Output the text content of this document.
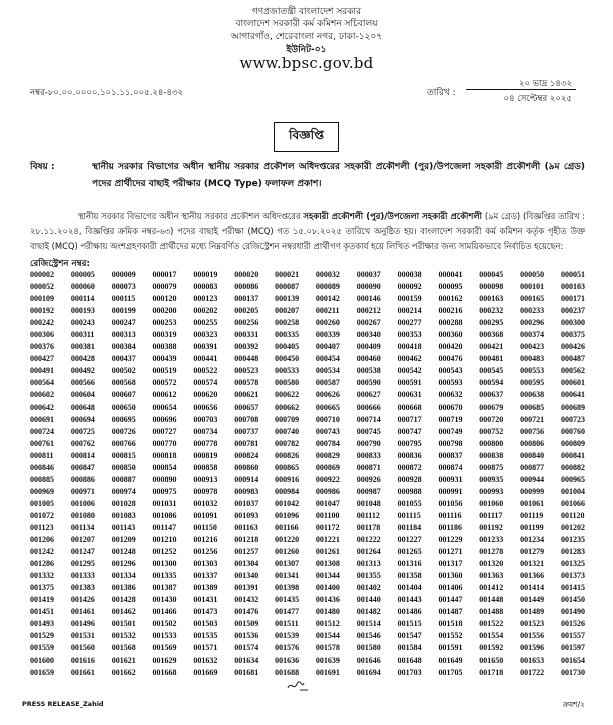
গণপ্রজাতন্ত্রী বাংলাদেশ সরকার
বাংলাদেশ সরকারী কর্ম কমিশন সচিবালয়
আগারগাঁও, শেরেবাংলা নগর, ঢাকা-১২০৭
ইউনিট-০১
www.bpsc.gov.bd
নম্বর-৮০.০০.০০০০.১০১.১১.০০৫.২৪-৪৩২	তারিখ :
২০ ভাদ্র ১৪৩২
০৪ সেপ্টেম্বর ২০২৫
বিজ্ঞপ্তি
বিষয় :	স্থানীয় সরকার বিভাগের অধীন স্থানীয় সরকার প্রকৌশল অধিদপ্তরের সহকারী প্রকৌশলী (পুর)/উপজেলা সহকারী প্রকৌশলী (৯ম গ্রেড) পদের প্রার্থীদের বাছাই পরীক্ষার (MCQ Type) ফলাফল প্রকাশ।
স্থানীয় সরকার বিভাগের অধীন স্থানীয় সরকার প্রকৌশল অধিদপ্তরের সহকারী প্রকৌশলী (পুর)/উপজেলা সহকারী প্রকৌশলী (৯ম গ্রেড) (বিজ্ঞপ্তির তারিখ : ২৮.১১.২০২৪, বিজ্ঞপ্তির ক্রমিক নম্বর-৬৩) পদের বাছাই পরীক্ষা (MCQ) গত ১৫.০৮.২০২৫ তারিখে অনুষ্ঠিত হয়। বাংলাদেশ সরকারী কর্ম কমিশন কর্তৃক গৃহীত উক্ত বাছাই (MCQ) পরীক্ষায় অংশগ্রহণকারী প্রার্থীদের মধ্যে নিম্নবর্ণিত রেজিস্ট্রেশন নম্বরধারী প্রার্থীগণ কৃতকার্য হয়ে লিখিত পরীক্ষার জন্য সাময়িকভাবে নির্বাচিত হয়েছেন:
রেজিস্ট্রেশন নম্বর:
000002	000005	000009	000017	000019	000020	000021	000032	000037	000038	000041	000045	000050	000051
000052	000060	000073	000079	000083	000086	000087	000089	000090	000092	000095	000098	000101	000103
000109	000114	000115	000120	000123	000137	000139	000142	000146	000159	000162	000163	000165	000171
000192	000193	000199	000200	000202	000205	000207	000211	000212	000214	000216	000232	000233	000237
000242	000243	000247	000253	000255	000256	000258	000260	000267	000277	000288	000295	000296	000300
000306	000311	000313	000319	000323	000331	000335	000339	000340	000353	000360	000368	000374	000375
000376	000381	000384	000388	000391	000392	000405	000407	000409	000418	000420	000421	000423	000426
000427	000428	000437	000439	000441	000448	000450	000454	000460	000462	000476	000481	000483	000487
000491	000492	000502	000519	000522	000523	000533	000534	000538	000542	000543	000545	000553	000562
000564	000566	000568	000572	000574	000578	000580	000587	000590	000591	000593	000594	000595	000601
000602	000604	000607	000612	000620	000621	000622	000626	000627	000631	000632	000637	000638	000641
000642	000648	000650	000654	000656	000657	000662	000665	000666	000668	000670	000679	000685	000689
000691	000694	000695	000696	000703	000708	000709	000710	000714	000717	000719	000720	000721	000723
000724	000725	000726	000727	000734	000737	000740	000743	000745	000747	000749	000752	000756	000760
000761	000762	000766	000770	000778	000781	000782	000784	000790	000795	000798	000800	000806	000809
000811	000814	000815	000818	000819	000824	000826	000829	000833	000836	000837	000838	000840	000841
000846	000847	000850	000854	000858	000860	000865	000869	000871	000872	000874	000875	000877	000882
000885	000886	000887	000890	000913	000914	000916	000922	000926	000928	000931	000935	000944	000965
000969	000971	000974	000975	000978	000983	000984	000986	000987	000988	000991	000993	000999	001004
001005	001006	001028	001031	001032	001037	001042	001047	001048	001055	001056	001060	001061	001066
001072	001080	001083	001086	001091	001093	001096	001100	001112	001115	001116	001117	001119	001120
001123	001134	001143	001147	001150	001163	001166	001172	001178	001184	001186	001192	001199	001202
001206	001207	001209	001210	001216	001218	001220	001221	001222	001227	001229	001233	001234	001235
001242	001247	001248	001252	001256	001257	001260	001261	001264	001265	001271	001278	001279	001283
001286	001295	001296	001300	001303	001304	001307	001308	001313	001316	001317	001320	001321	001325
001332	001333	001334	001335	001337	001340	001341	001344	001355	001358	001360	001363	001366	001373
001375	001383	001386	001387	001389	001391	001398	001400	001402	001404	001406	001412	001414	001415
001419	001426	001428	001430	001431	001432	001435	001436	001440	001443	001447	001448	001449	001450
001451	001461	001462	001466	001473	001476	001477	001480	001482	001486	001487	001488	001489	001490
001493	001496	001501	001502	001503	001509	001511	001512	001514	001515	001518	001522	001523	001526
001529	001531	001532	001533	001535	001536	001539	001544	001546	001547	001552	001554	001556	001557
001559	001560	001568	001569	001571	001574	001576	001578	001580	001584	001591	001592	001596	001597
001600	001616	001621	001629	001632	001634	001636	001639	001646	001648	001649	001650	001653	001654
001659	001661	001662	001668	001669	001681	001688	001691	001694	001703	001705	001718	001722	001730
PRESS RELEASE_Zahid	ক্রমশ/২
